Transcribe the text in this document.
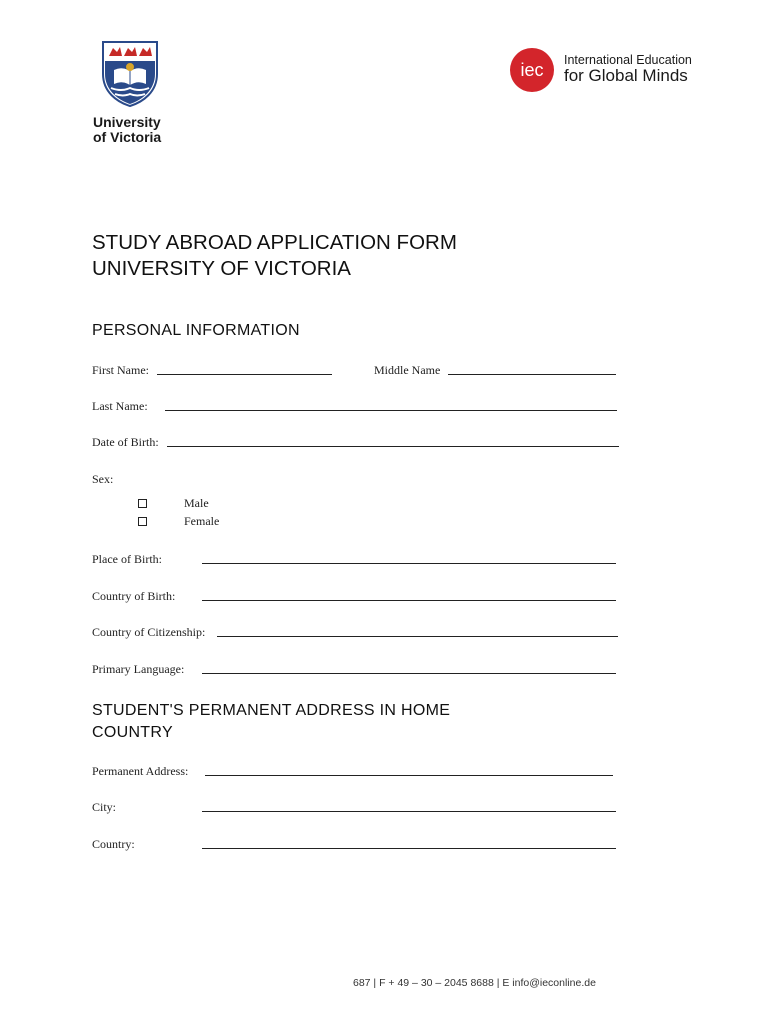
University
of Victoria
iec	International Education
for Global Minds
STUDY ABROAD APPLICATION FORM
UNIVERSITY OF VICTORIA
PERSONAL INFORMATION
First Name:	Middle Name
Last Name:
Date of Birth:
Sex:
Male
Female
Place of Birth:
Country of Birth:
Country of Citizenship:
Primary Language:
STUDENT'S PERMANENT ADDRESS IN HOME
COUNTRY
Permanent Address:
City:
Country:
687 | F + 49 – 30 – 2045 8688 | E info@ieconline.de
